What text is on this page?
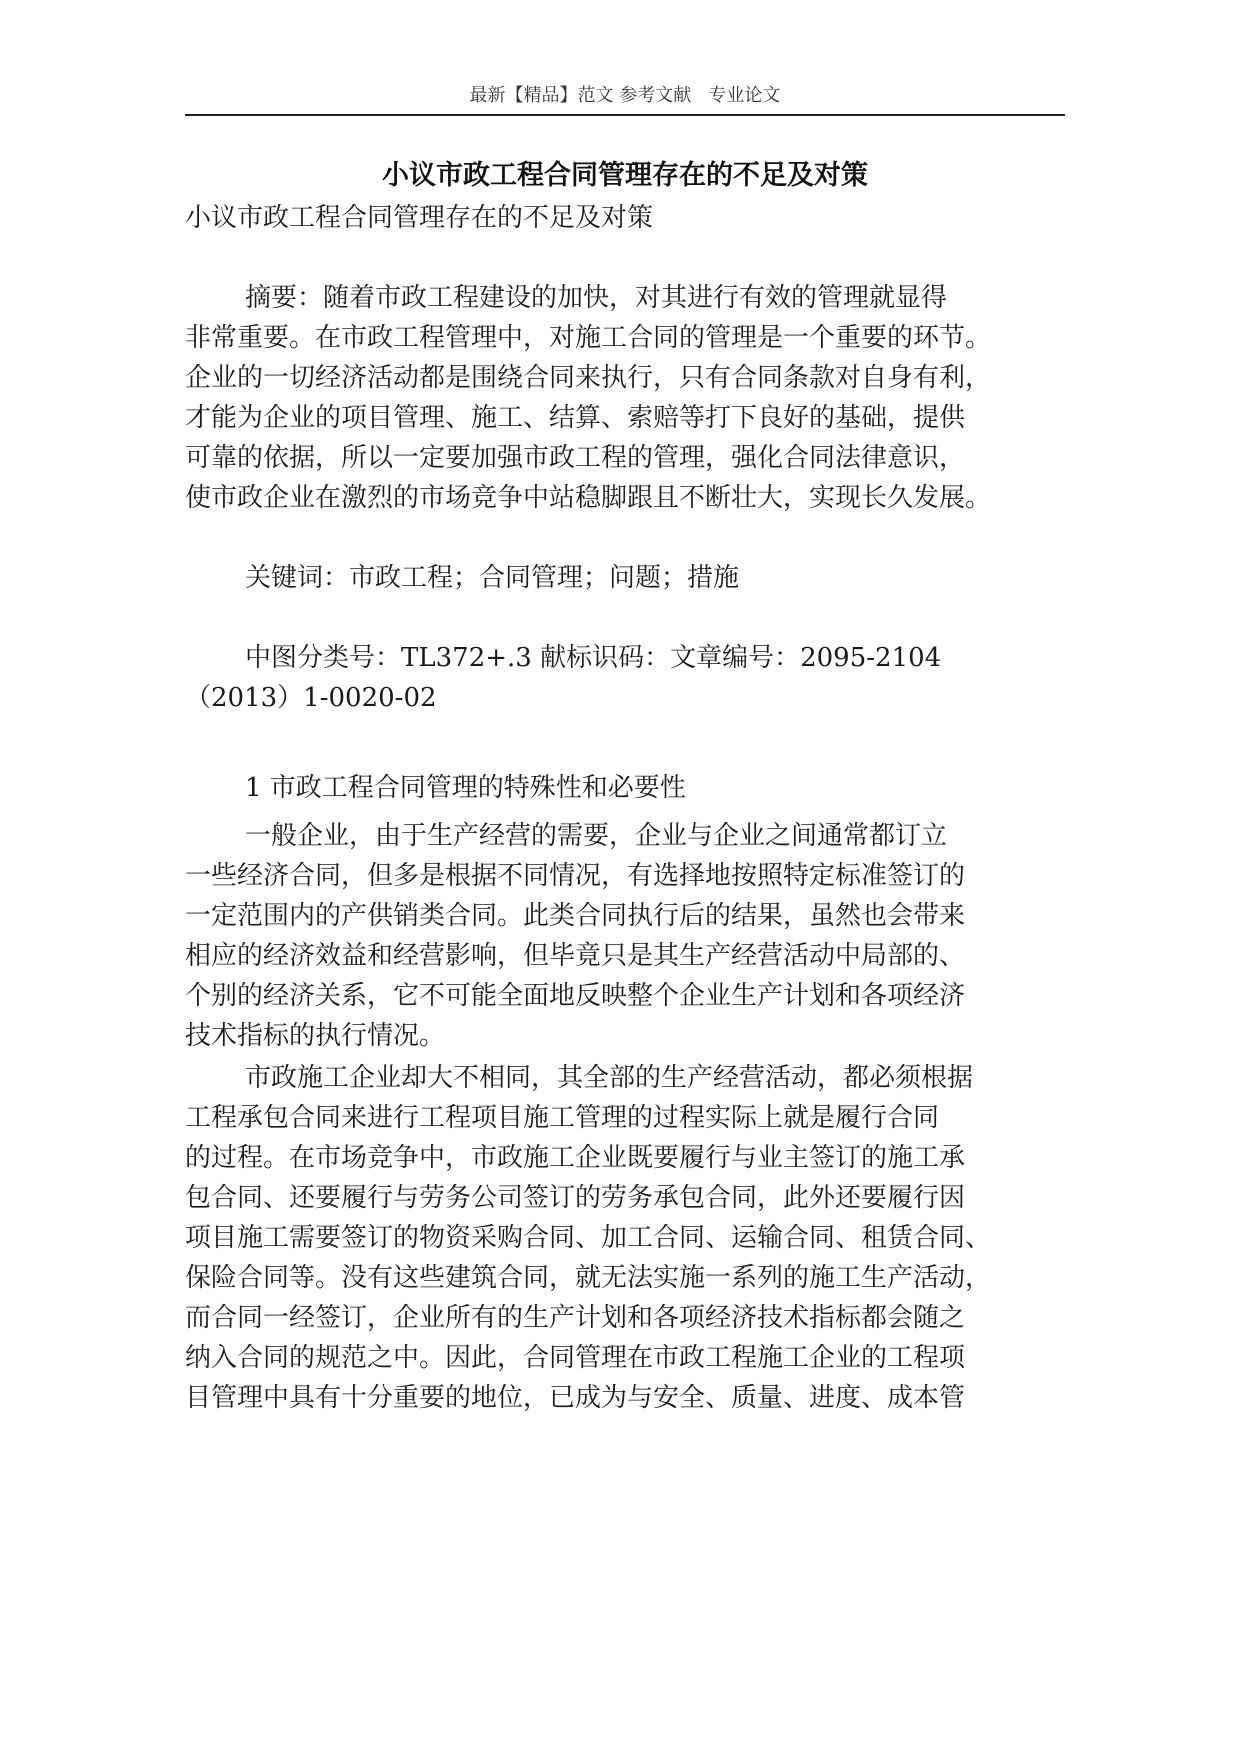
最新【精品】范文 参考文献   专业论文
小议市政工程合同管理存在的不足及对策
小议市政工程合同管理存在的不足及对策
摘要：随着市政工程建设的加快，对其进行有效的管理就显得
非常重要。在市政工程管理中，对施工合同的管理是一个重要的环节。
企业的一切经济活动都是围绕合同来执行，只有合同条款对自身有利，
才能为企业的项目管理、施工、结算、索赔等打下良好的基础，提供
可靠的依据，所以一定要加强市政工程的管理，强化合同法律意识，
使市政企业在激烈的市场竞争中站稳脚跟且不断壮大，实现长久发展。
关键词：市政工程；合同管理；问题；措施
中图分类号：TL372+.3 献标识码：文章编号：2095-2104
（2013）1-0020-02
1 市政工程合同管理的特殊性和必要性
一般企业，由于生产经营的需要，企业与企业之间通常都订立
一些经济合同，但多是根据不同情况，有选择地按照特定标准签订的
一定范围内的产供销类合同。此类合同执行后的结果，虽然也会带来
相应的经济效益和经营影响，但毕竟只是其生产经营活动中局部的、
个别的经济关系，它不可能全面地反映整个企业生产计划和各项经济
技术指标的执行情况。
市政施工企业却大不相同，其全部的生产经营活动，都必须根据
工程承包合同来进行工程项目施工管理的过程实际上就是履行合同
的过程。在市场竞争中，市政施工企业既要履行与业主签订的施工承
包合同、还要履行与劳务公司签订的劳务承包合同，此外还要履行因
项目施工需要签订的物资采购合同、加工合同、运输合同、租赁合同、
保险合同等。没有这些建筑合同，就无法实施一系列的施工生产活动，
而合同一经签订，企业所有的生产计划和各项经济技术指标都会随之
纳入合同的规范之中。因此，合同管理在市政工程施工企业的工程项
目管理中具有十分重要的地位，已成为与安全、质量、进度、成本管
